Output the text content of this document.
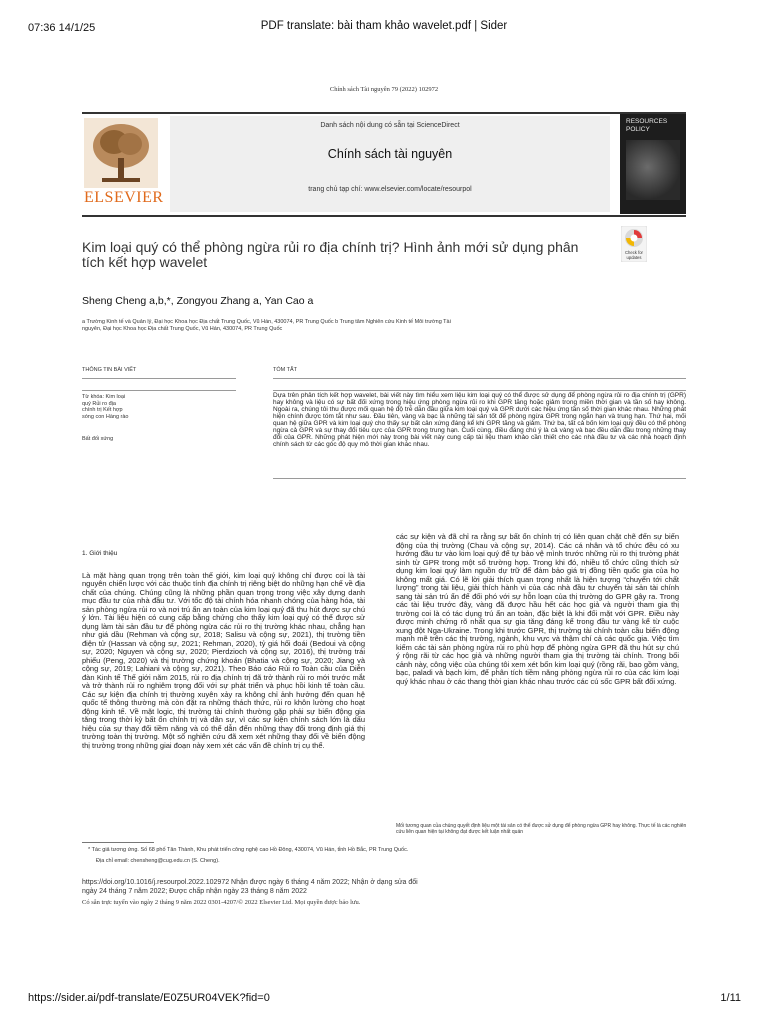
07:36 14/1/25	PDF translate: bài tham khảo wavelet.pdf | Sider
Chính sách Tài nguyên 79 (2022) 102972
ELSEVIER
Danh sách nội dung có sẵn tại ScienceDirect
Chính sách tài nguyên
trang chủ tạp chí: www.elsevier.com/locate/resourpol
RESOURCES
POLICY
Kim loại quý có thể phòng ngừa rủi ro địa chính trị? Hình ảnh mới sử dụng phân tích kết hợp wavelet
Check for
updates
Sheng Cheng a,b,*, Zongyou Zhang a, Yan Cao a
a Trường Kinh tế và Quản lý, Đại học Khoa học Địa chất Trung Quốc, Vũ Hán, 430074, PR Trung Quốc b Trung tâm Nghiên cứu Kinh tế Môi trường Tài nguyên, Đại học Khoa học Địa chất Trung Quốc, Vũ Hán, 430074, PR Trung Quốc
THÔNG TIN BÀI VIẾT	TÓM TẮT
Từ khóa: Kim loại
quý Rủi ro địa
chính trị Kết hợp
sóng con Hàng rào
Bất đối xứng
Dựa trên phân tích kết hợp wavelet, bài viết này tìm hiểu xem liệu kim loại quý có thể được sử dụng để phòng ngừa rủi ro địa chính trị (GPR) hay không và liệu có sự bất đối xứng trong hiệu ứng phòng ngừa rủi ro khi GPR tăng hoặc giảm trong miền thời gian và tần số hay không. Ngoài ra, chúng tôi thu được mối quan hệ độ trễ dẫn đầu giữa kim loại quý và GPR dưới các hiệu ứng tần số thời gian khác nhau. Những phát hiện chính được tóm tắt như sau. Đầu tiên, vàng và bạc là những tài sản tốt để phòng ngừa GPR trong ngắn hạn và trung hạn. Thứ hai, mối quan hệ giữa GPR và kim loại quý cho thấy sự bất cân xứng đáng kể khi GPR tăng và giảm. Thứ ba, tất cả bốn kim loại quý đều có thể phòng ngừa cả GPR và sự thay đổi tiêu cực của GPR trong trung hạn. Cuối cùng, điều đáng chú ý là cả vàng và bạc đều dẫn đầu trong những thay đổi của GPR. Những phát hiện mới này trong bài viết này cung cấp tài liệu tham khảo cần thiết cho các nhà đầu tư và các nhà hoạch định chính sách từ các góc độ quy mô thời gian khác nhau.
1. Giới thiệu
Là mặt hàng quan trọng trên toàn thế giới, kim loại quý không chỉ được coi là tài nguyên chiến lược với các thuộc tính địa chính trị riêng biệt do những hạn chế về địa chất của chúng. Chúng cũng là những phần quan trọng trong việc xây dựng danh mục đầu tư của nhà đầu tư. Với tốc độ tài chính hóa nhanh chóng của hàng hóa, tài sản phòng ngừa rủi ro và nơi trú ẩn an toàn của kim loại quý đã thu hút được sự chú ý lớn. Tài liệu hiện có cung cấp bằng chứng cho thấy kim loại quý có thể được sử dụng làm tài sản đầu tư để phòng ngừa các rủi ro thị trường khác nhau, chẳng hạn như giá dầu (Rehman và cộng sự, 2018; Salisu và cộng sự, 2021), thị trường tiền điện tử (Hassan và cộng sự, 2021; Rehman, 2020), tỷ giá hối đoái (Bedoui và cộng sự, 2020; Nguyen và cộng sự, 2020; Pierdzioch và cộng sự, 2016), thị trường trái phiếu (Peng, 2020) và thị trường chứng khoán (Bhatia và cộng sự, 2020; Jiang và cộng sự, 2019; Lahiani và cộng sự, 2021). Theo Báo cáo Rủi ro Toàn cầu của Diễn đàn Kinh tế Thế giới năm 2015, rủi ro địa chính trị đã trở thành rủi ro mới trước mắt và trở thành rủi ro nghiêm trọng đối với sự phát triển và phục hồi kinh tế toàn cầu. Các sự kiện địa chính trị thường xuyên xảy ra không chỉ ảnh hưởng đến quan hệ quốc tế thông thường mà còn đặt ra những thách thức, rủi ro khôn lường cho hoạt động kinh tế. Về mặt logic, thị trường tài chính thường gặp phải sự biến động gia tăng trong thời kỳ bất ổn chính trị và dân sự, vì các sự kiện chính sách lớn là dấu hiệu của sự thay đổi tiềm năng và có thể dẫn đến những thay đổi trong định giá thị trường toàn thị trường. Một số nghiên cứu đã xem xét những thay đổi về biến động thị trường trong những giai đoạn này xem xét các vấn đề chính trị cụ thể.
các sự kiện và đã chỉ ra rằng sự bất ổn chính trị có liên quan chặt chẽ đến sự biến động của thị trường (Chau và cộng sự, 2014). Các cá nhân và tổ chức đều có xu hướng đầu tư vào kim loại quý để tự bảo vệ mình trước những rủi ro thị trường phát sinh từ GPR trong một số trường hợp. Trong khi đó, nhiều tổ chức cũng thích sử dụng kim loại quý làm nguồn dự trữ để đảm bảo giá trị đồng tiền quốc gia của họ không mất giá. Có lẽ lời giải thích quan trọng nhất là hiện tượng “chuyến tới chất lượng” trong tài liệu, giải thích hành vi của các nhà đầu tư chuyển tài sản tài chính sang tài sản trú ẩn để đối phó với sự hỗn loạn của thị trường do GPR gây ra. Trong các tài liệu trước đây, vàng đã được hầu hết các học giả và người tham gia thị trường coi là có tác dụng trú ẩn an toàn, đặc biệt là khi đối mặt với GPR. Điều này được minh chứng rõ nhất qua sự gia tăng đáng kể trong đầu tư vàng kể từ cuộc xung đột Nga-Ukraine. Trong khi trước GPR, thị trường tài chính toàn cầu biến động mạnh mẽ trên các thị trường, ngành, khu vực và thậm chí cả các quốc gia. Việc tìm kiếm các tài sản phòng ngừa rủi ro phù hợp để phòng ngừa GPR đã thu hút sự chú ý rộng rãi từ các học giả và những người tham gia thị trường tài chính. Trong bối cảnh này, công việc của chúng tôi xem xét bốn kim loại quý (rồng rãi, bao gồm vàng, bạc, paladi và bạch kim, để phân tích tiềm năng phòng ngừa rủi ro của các kim loại quý khác nhau ở các thang thời gian khác nhau trước các cú sốc GPR bất đối xứng.
Mối tương quan của chúng quyết định liệu một tài sản có thể được sử dụng để phòng ngừa GPR hay không. Thực tế là các nghiên cứu liên quan hiện tại không đạt được kết luận nhất quán
* Tác giả tương ứng. Số 68 phố Tân Thành, Khu phát triển công nghệ cao Hồ Đông, 430074, Vũ Hán, tỉnh Hồ Bắc, PR Trung Quốc.
Địa chỉ email: chensheng@cug.edu.cn (S. Cheng).
https://doi.org/10.1016/j.resourpol.2022.102972 Nhận được ngày 6 tháng 4 năm 2022; Nhận ở dạng sửa đổi ngày 24 tháng 7 năm 2022; Được chấp nhận ngày 23 tháng 8 năm 2022
Có sẵn trực tuyến vào ngày 2 tháng 9 năm 2022 0301-4207/© 2022 Elsevier Ltd. Mọi quyền được bảo lưu.
https://sider.ai/pdf-translate/E0Z5UR04VEK?fid=0	1/11
